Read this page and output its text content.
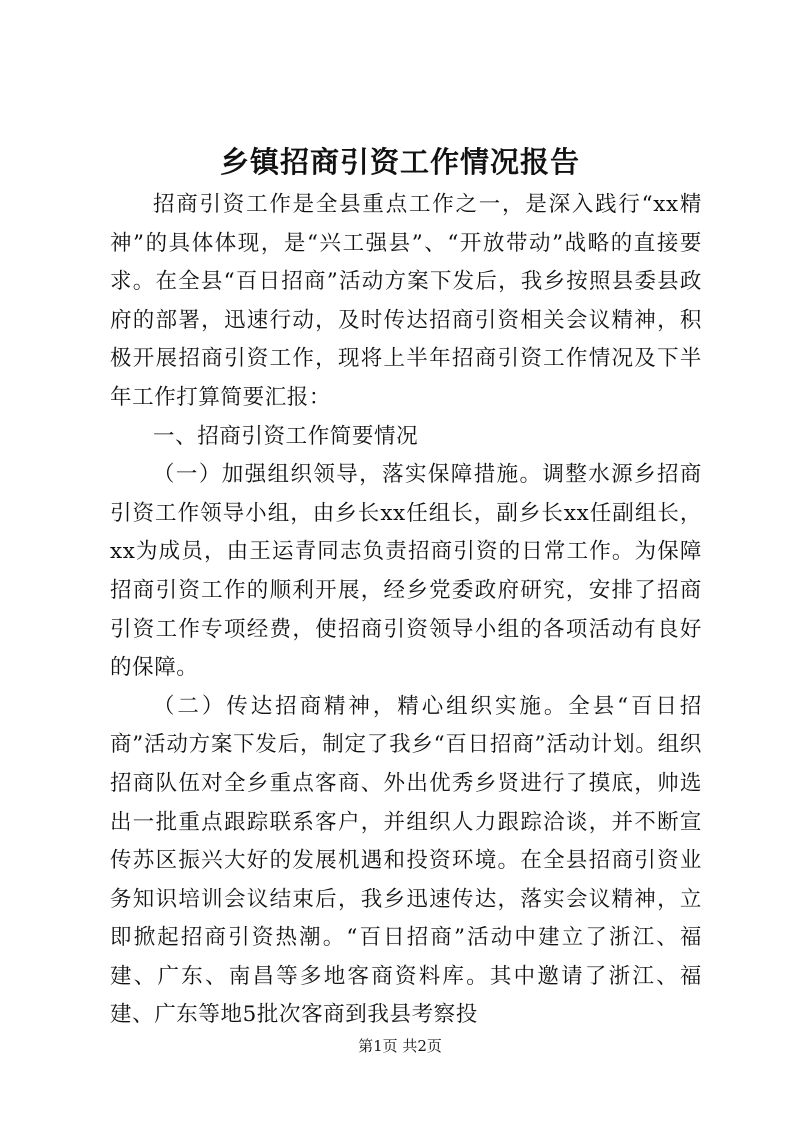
乡镇招商引资工作情况报告

招商引资工作是全县重点工作之一，是深入践行“xx精神”的具体体现，是“兴工强县”、“开放带动”战略的直接要求。在全县“百日招商”活动方案下发后，我乡按照县委县政府的部署，迅速行动，及时传达招商引资相关会议精神，积极开展招商引资工作，现将上半年招商引资工作情况及下半年工作打算简要汇报：

一、招商引资工作简要情况

（一）加强组织领导，落实保障措施。调整水源乡招商引资工作领导小组，由乡长xx任组长，副乡长xx任副组长，xx为成员，由王运青同志负责招商引资的日常工作。为保障招商引资工作的顺利开展，经乡党委政府研究，安排了招商引资工作专项经费，使招商引资领导小组的各项活动有良好的保障。

（二）传达招商精神，精心组织实施。全县“百日招商”活动方案下发后，制定了我乡“百日招商”活动计划。组织招商队伍对全乡重点客商、外出优秀乡贤进行了摸底，帅选出一批重点跟踪联系客户，并组织人力跟踪洽谈，并不断宣传苏区振兴大好的发展机遇和投资环境。在全县招商引资业务知识培训会议结束后，我乡迅速传达，落实会议精神，立即掀起招商引资热潮。“百日招商”活动中建立了浙江、福建、广东、南昌等多地客商资料库。其中邀请了浙江、福建、广东等地5批次客商到我县考察投

第1页 共2页
